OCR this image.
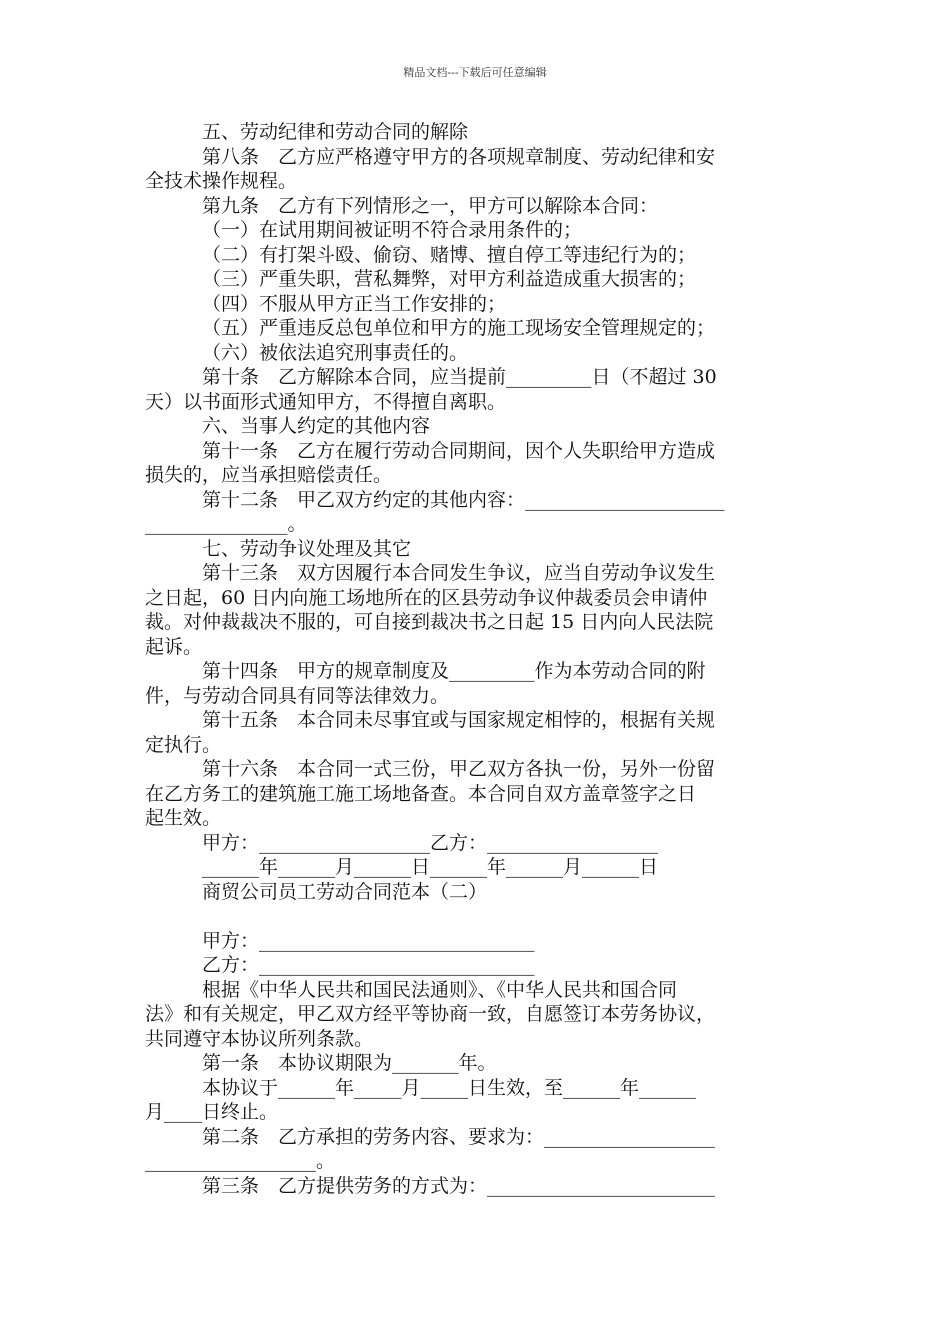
精品文档---下载后可任意编辑
五、劳动纪律和劳动合同的解除
第八条　乙方应严格遵守甲方的各项规章制度、劳动纪律和安
全技术操作规程。
第九条　乙方有下列情形之一，甲方可以解除本合同：
（一）在试用期间被证明不符合录用条件的；
（二）有打架斗殴、偷窃、赌博、擅自停工等违纪行为的；
（三）严重失职，营私舞弊，对甲方利益造成重大损害的；
（四）不服从甲方正当工作安排的；
（五）严重违反总包单位和甲方的施工现场安全管理规定的；
（六）被依法追究刑事责任的。
第十条　乙方解除本合同，应当提前_________日（不超过 30
天）以书面形式通知甲方，不得擅自离职。
六、当事人约定的其他内容
第十一条　乙方在履行劳动合同期间，因个人失职给甲方造成
损失的，应当承担赔偿责任。
第十二条　甲乙双方约定的其他内容：_____________________
_______________。
七、劳动争议处理及其它
第十三条　双方因履行本合同发生争议，应当自劳动争议发生
之日起，60 日内向施工场地所在的区县劳动争议仲裁委员会申请仲
裁。对仲裁裁决不服的，可自接到裁决书之日起 15 日内向人民法院
起诉。
第十四条　甲方的规章制度及_________作为本劳动合同的附
件，与劳动合同具有同等法律效力。
第十五条　本合同未尽事宜或与国家规定相悖的，根据有关规
定执行。
第十六条　本合同一式三份，甲乙双方各执一份，另外一份留
在乙方务工的建筑施工施工场地备查。本合同自双方盖章签字之日
起生效。
甲方：__________________乙方：__________________
______年______月______日______年______月______日
商贸公司员工劳动合同范本（二）
甲方：_____________________________
乙方：_____________________________
根据《中华人民共和国民法通则》、《中华人民共和国合同
法》和有关规定，甲乙双方经平等协商一致，自愿签订本劳务协议，
共同遵守本协议所列条款。
第一条　本协议期限为_______年。
本协议于______年_____月_____日生效，至______年______
月____日终止。
第二条　乙方承担的劳务内容、要求为：__________________
__________________。
第三条　乙方提供劳务的方式为：________________________
